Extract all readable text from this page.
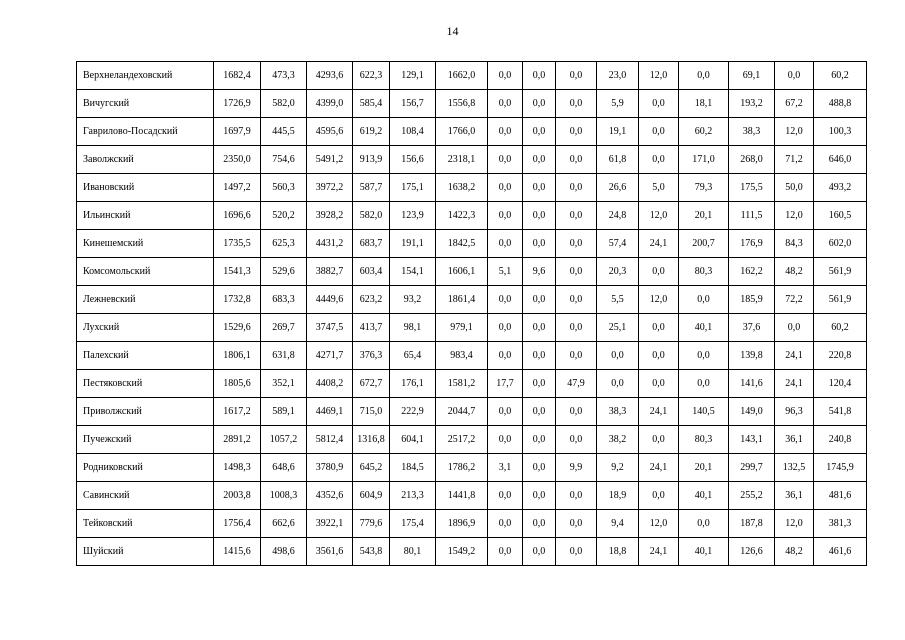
14
Верхнеландеховский	1682,4	473,3	4293,6	622,3	129,1	1662,0	0,0	0,0	0,0	23,0	12,0	0,0	69,1	0,0	60,2
Вичугский	1726,9	582,0	4399,0	585,4	156,7	1556,8	0,0	0,0	0,0	5,9	0,0	18,1	193,2	67,2	488,8
Гаврилово-Посадский	1697,9	445,5	4595,6	619,2	108,4	1766,0	0,0	0,0	0,0	19,1	0,0	60,2	38,3	12,0	100,3
Заволжский	2350,0	754,6	5491,2	913,9	156,6	2318,1	0,0	0,0	0,0	61,8	0,0	171,0	268,0	71,2	646,0
Ивановский	1497,2	560,3	3972,2	587,7	175,1	1638,2	0,0	0,0	0,0	26,6	5,0	79,3	175,5	50,0	493,2
Ильинский	1696,6	520,2	3928,2	582,0	123,9	1422,3	0,0	0,0	0,0	24,8	12,0	20,1	111,5	12,0	160,5
Кинешемский	1735,5	625,3	4431,2	683,7	191,1	1842,5	0,0	0,0	0,0	57,4	24,1	200,7	176,9	84,3	602,0
Комсомольский	1541,3	529,6	3882,7	603,4	154,1	1606,1	5,1	9,6	0,0	20,3	0,0	80,3	162,2	48,2	561,9
Лежневский	1732,8	683,3	4449,6	623,2	93,2	1861,4	0,0	0,0	0,0	5,5	12,0	0,0	185,9	72,2	561,9
Лухский	1529,6	269,7	3747,5	413,7	98,1	979,1	0,0	0,0	0,0	25,1	0,0	40,1	37,6	0,0	60,2
Палехский	1806,1	631,8	4271,7	376,3	65,4	983,4	0,0	0,0	0,0	0,0	0,0	0,0	139,8	24,1	220,8
Пестяковский	1805,6	352,1	4408,2	672,7	176,1	1581,2	17,7	0,0	47,9	0,0	0,0	0,0	141,6	24,1	120,4
Приволжский	1617,2	589,1	4469,1	715,0	222,9	2044,7	0,0	0,0	0,0	38,3	24,1	140,5	149,0	96,3	541,8
Пучежский	2891,2	1057,2	5812,4	1316,8	604,1	2517,2	0,0	0,0	0,0	38,2	0,0	80,3	143,1	36,1	240,8
Родниковский	1498,3	648,6	3780,9	645,2	184,5	1786,2	3,1	0,0	9,9	9,2	24,1	20,1	299,7	132,5	1745,9
Савинский	2003,8	1008,3	4352,6	604,9	213,3	1441,8	0,0	0,0	0,0	18,9	0,0	40,1	255,2	36,1	481,6
Тейковский	1756,4	662,6	3922,1	779,6	175,4	1896,9	0,0	0,0	0,0	9,4	12,0	0,0	187,8	12,0	381,3
Шуйский	1415,6	498,6	3561,6	543,8	80,1	1549,2	0,0	0,0	0,0	18,8	24,1	40,1	126,6	48,2	461,6
